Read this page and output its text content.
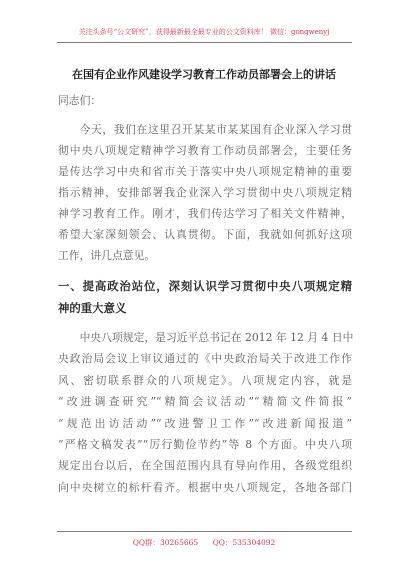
关注头条号“公文研究”，获得最新最全最专业的公文资料库！ 微信：gongwenyj
在国有企业作风建设学习教育工作动员部署会上的讲话
同志们：
今天，我们在这里召开某某市某某国有企业深入学习贯
彻中央八项规定精神学习教育工作动员部署会，主要任务
是传达学习中央和省市关于落实中央八项规定精神的重要
指示精神，安排部署我企业深入学习贯彻中央八项规定精
神学习教育工作。刚才，我们传达学习了相关文件精神，
希望大家深刻领会、认真贯彻。下面，我就如何抓好这项
工作，讲几点意见。
一、提高政治站位，深刻认识学习贯彻中央八项规定精
神的重大意义
中央八项规定，是习近平总书记在 2012 年 12 月 4 日中
央政治局会议上审议通过的《中央政治局关于改进工作作
风、密切联系群众的八项规定》。八项规定内容，就是
“改进调查研究”“精简会议活动”“精简文件简报”
“规范出访活动”“改进警卫工作”“改进新闻报道”
“严格文稿发表”“厉行勤俭节约”等 8 个方面。中央八项
规定出台以后，在全国范围内具有导向作用，各级党组织
向中央树立的标杆看齐。根据中央八项规定，各地各部门
QQ群：30265665 QQ：535304092
